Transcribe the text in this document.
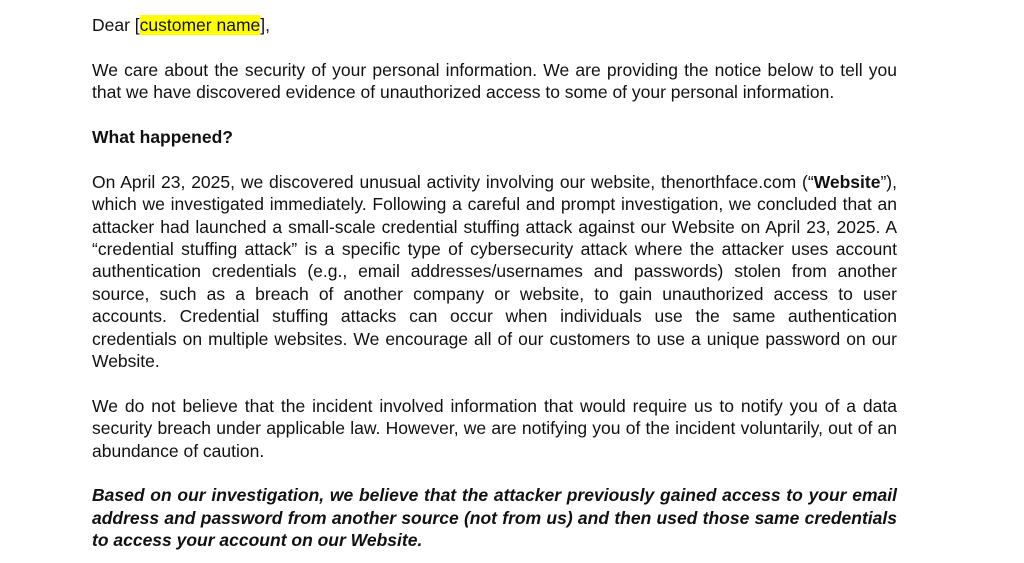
Dear [customer name],

We care about the security of your personal information. We are providing the notice below to tell you that we have discovered evidence of unauthorized access to some of your personal information.

What happened?

On April 23, 2025, we discovered unusual activity involving our website, thenorthface.com (“Website”), which we investigated immediately. Following a careful and prompt investigation, we concluded that an attacker had launched a small-scale credential stuffing attack against our Website on April 23, 2025. A “credential stuffing attack” is a specific type of cybersecurity attack where the attacker uses account authentication credentials (e.g., email addresses/usernames and passwords) stolen from another source, such as a breach of another company or website, to gain unauthorized access to user accounts. Credential stuffing attacks can occur when individuals use the same authentication credentials on multiple websites. We encourage all of our customers to use a unique password on our Website.

We do not believe that the incident involved information that would require us to notify you of a data security breach under applicable law. However, we are notifying you of the incident voluntarily, out of an abundance of caution.

Based on our investigation, we believe that the attacker previously gained access to your email address and password from another source (not from us) and then used those same credentials to access your account on our Website.
